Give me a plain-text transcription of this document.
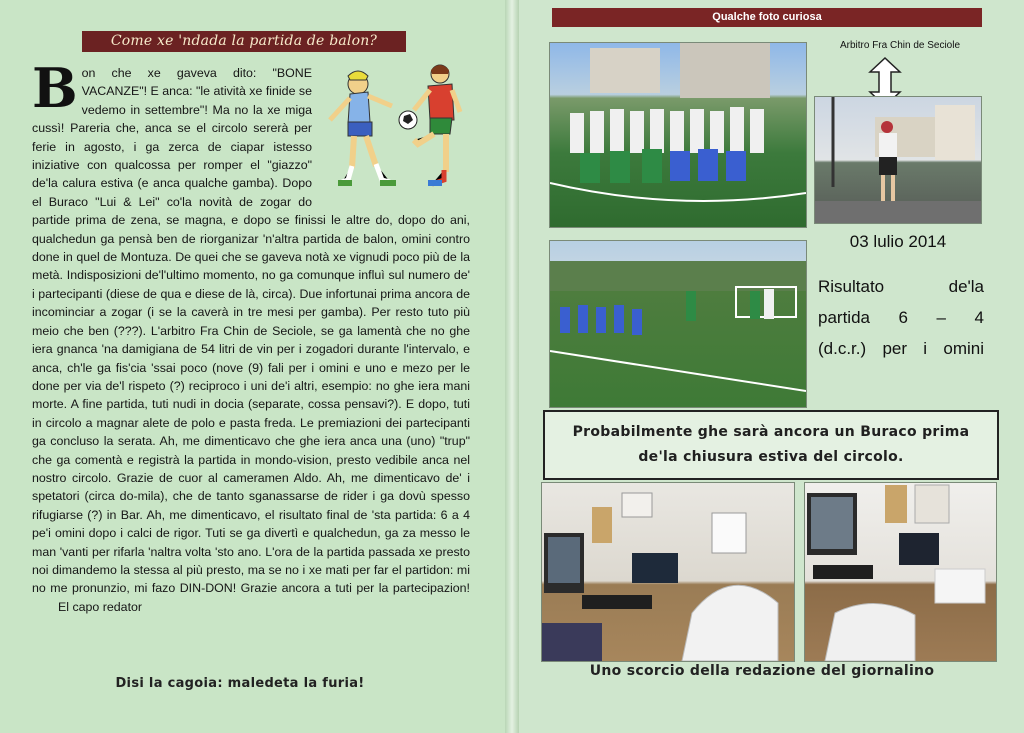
Come xe 'ndada la partida de balon?
B on che xe gaveva dito: "BONE VACANZE"! E anca: "le atività xe finide se vedemo in settembre"! Ma no la xe miga cussì! Pareria che, anca se el circolo sererà per ferie in agosto, i ga zerca de ciapar istesso iniziative con qualcossa per romper el "giazzo" de'la calura estiva (e anca qualche gamba). Dopo el Buraco "Lui & Lei" co'la novità de zogar do partide prima de zena, se magna, e dopo se finissi le altre do, dopo do ani, qualchedun ga pensà ben de riorganizar 'n'altra partida de balon, omini contro done in quel de Montuza. De quei che se gaveva notà xe vignudi poco più de la metà. Indisposizioni de'l'ultimo momento, no ga comunque influì sul numero de' i partecipanti (diese de qua e diese de là, circa). Due infortunai prima ancora de incominciar a zogar (i se la caverà in tre mesi per gamba). Per resto tuto più meio che ben (???). L'arbitro Fra Chin de Seciole, se ga lamentà che no ghe iera gnanca 'na damigiana de 54 litri de vin per i zogadori durante l'intervalo, e anca, ch'le ga fis'cia 'ssai poco (nove (9) fali per i omini e uno e mezo per le done per via de'l rispeto (?) reciproco i uni de'i altri, esempio: no ghe iera mani morte. A fine partida, tuti nudi in docia (separate, cossa pensavi?). E dopo, tuti in circolo a magnar alete de polo e pasta freda. Le premiazioni dei partecipanti ga concluso la serata. Ah, me dimenticavo che ghe iera anca una (uno) "trup" che ga comentà e registrà la partida in mondo-vision, presto vedibile anca nel nostro circolo. Grazie de cuor al cameramen Aldo. Ah, me dimenticavo de' i spetatori (circa do-mila), che de tanto sganassarse de rider i ga dovù spesso rifugiarse (?) in Bar. Ah, me dimenticavo, el risultato final de 'sta partida: 6 a 4 pe'i omini dopo i calci de rigor. Tuti se ga divertì e qualchedun, ga za messo le man 'vanti per rifarla 'naltra volta 'sto ano. L'ora de la partida passada xe presto noi dimandemo la stessa al più presto, ma se no i xe mati per far el partidon: mi no me pronunzio, mi fazo DIN-DON! Grazie ancora a tuti per la partecipazion! El capo redator
Disi la cagoia: maledeta la furia!
Qualche foto curiosa
Arbitro Fra Chin de Seciole
03 lulio 2014
Risultato de'la
partida 6 – 4
(d.c.r.) per i omini
Probabilmente ghe sarà ancora un Buraco prima
de'la chiusura estiva del circolo.
Uno scorcio della redazione del giornalino
